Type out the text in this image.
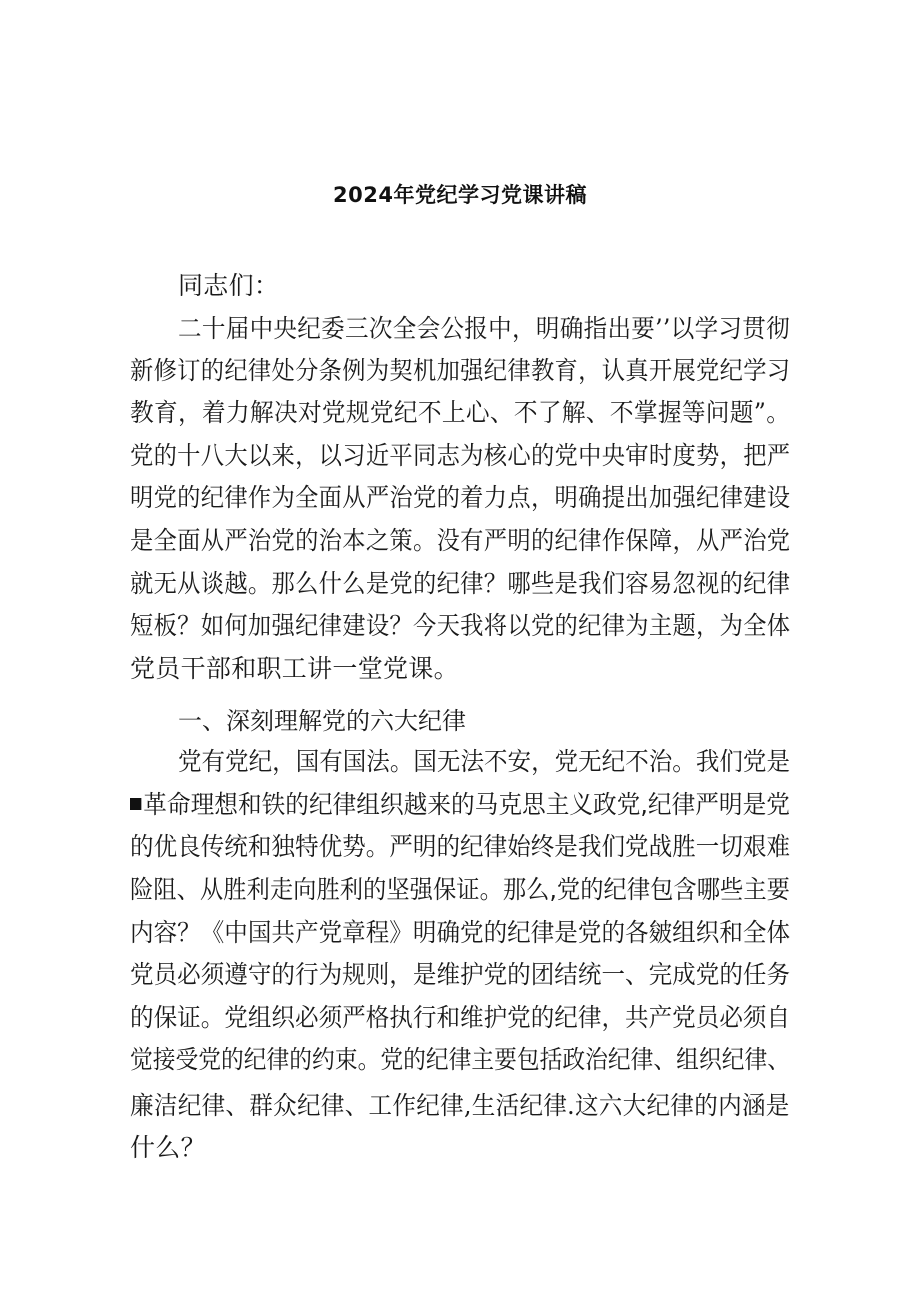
2024年党纪学习党课讲稿
同志们：
二十届中央纪委三次全会公报中，明确指出要’’以学习贯彻
新修订的纪律处分条例为契机加强纪律教育，认真开展党纪学习
教育，着力解决对党规党纪不上心、不了解、不掌握等问题”。
党的十八大以来，以习近平同志为核心的党中央审时度势，把严
明党的纪律作为全面从严治党的着力点，明确提出加强纪律建设
是全面从严治党的治本之策。没有严明的纪律作保障，从严治党
就无从谈越。那么什么是党的纪律？哪些是我们容易忽视的纪律
短板？如何加强纪律建设？今天我将以党的纪律为主题，为全体
党员干部和职工讲一堂党课。
一、深刻理解党的六大纪律
党有党纪，国有国法。国无法不安，党无纪不治。我们党是
革命理想和铁的纪律组织越来的马克思主义政党,纪律严明是党
的优良传统和独特优势。严明的纪律始终是我们党战胜一切艰难
险阻、从胜利走向胜利的坚强保证。那么,党的纪律包含哪些主要
内容？《中国共产党章程》明确党的纪律是党的各皴组织和全体
党员必须遵守的行为规则，是维护党的团结统一、完成党的任务
的保证。党组织必须严格执行和维护党的纪律，共产党员必须自
觉接受党的纪律的约束。党的纪律主要包括政治纪律、组织纪律、
廉洁纪律、群众纪律、工作纪律,生活纪律.这六大纪律的内涵是
什么？
